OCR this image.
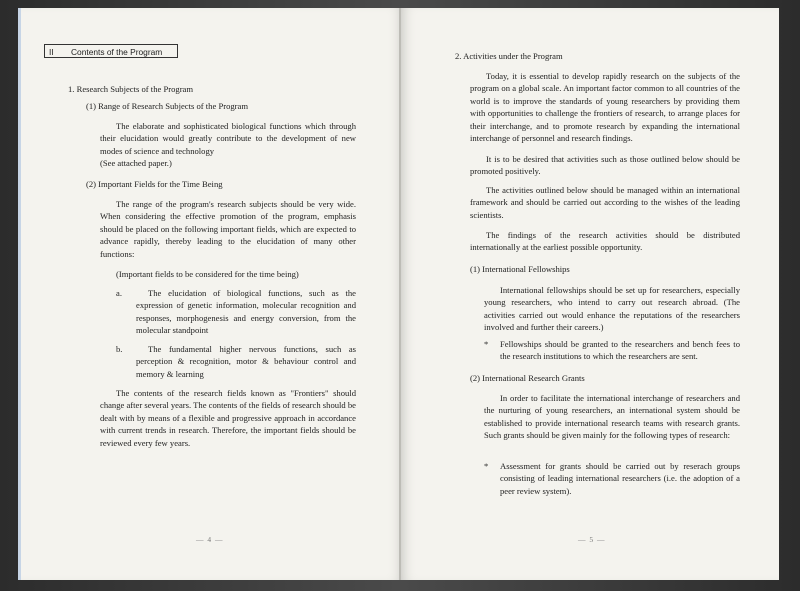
II Contents of the Program
1. Research Subjects of the Program
(1) Range of Research Subjects of the Program

The elaborate and sophisticated biological functions which through their elucidation would greatly contribute to the development of new modes of science and technology

(See attached paper.)
(2) Important Fields for the Time Being

The range of the program's research subjects should be very wide. When considering the effective promotion of the program, emphasis should be placed on the following important fields, which are expected to advance rapidly, thereby leading to the elucidation of many other functions:

(Important fields to be considered for the time being)
a.	The elucidation of biological functions, such as the expression of genetic information, molecular recognition and responses, morphogenesis and energy conversion, from the molecular standpoint

b.	The fundamental higher nervous functions, such as perception & recognition, motor & behaviour control and memory & learning

The contents of the research fields known as "Frontiers" should change after several years. The contents of the fields of research should be dealt with by means of a flexible and progressive approach in accordance with current trends in research. Therefore, the important fields should be reviewed every few years.

— 4 —
2. Activities under the Program

Today, it is essential to develop rapidly research on the subjects of the program on a global scale. An important factor common to all countries of the world is to improve the standards of young researchers by providing them with opportunities to challenge the frontiers of research, to arrange places for their interchange, and to promote research by expanding the international interchange of personnel and research findings.

It is to be desired that activities such as those outlined below should be promoted positively.

The activities outlined below should be managed within an international framework and should be carried out according to the wishes of the leading scientists.

The findings of the research activities should be distributed internationally at the earliest possible opportunity.

(1) International Fellowships

International fellowships should be set up for researchers, especially young researchers, who intend to carry out research abroad. (The activities carried out would enhance the reputations of the researchers involved and further their careers.)

*	Fellowships should be granted to the researchers and bench fees to the research institutions to which the researchers are sent.

(2) International Research Grants

In order to facilitate the international interchange of researchers and the nurturing of young researchers, an international system should be established to provide international research teams with research grants. Such grants should be given mainly for the following types of research:

*	Assessment for grants should be carried out by reserach groups consisting of leading international researchers (i.e. the adoption of a peer review system).

— 5 —
